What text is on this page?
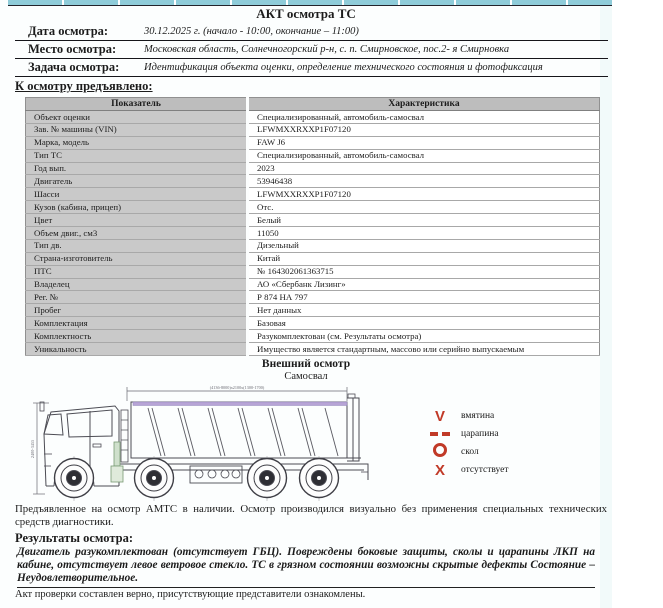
АКТ осмотра ТС
Дата осмотра:	30.12.2025 г. (начало - 10:00, окончание – 11:00)
Место осмотра:	Московская область, Солнечногорский р-н, с. п. Смирновское, пос.2- я Смирновка
Задача осмотра:	Идентификация объекта оценки, определение технического состояния и фотофиксация
К осмотру предъявлено:
Показатель	Характеристика
Объект оценки	Специализированный, автомобиль-самосвал
Зав. № машины (VIN)	LFWMXXRXXP1F07120
Марка, модель	FAW J6
Тип ТС	Специализированный, автомобиль-самосвал
Год вып.	2023
Двигатель	53946438
Шасси	LFWMXXRXXP1F07120
Кузов (кабина, прицеп)	Отс.
Цвет	Белый
Объем двиг., см3	11050
Тип дв.	Дизельный
Страна-изготовитель	Китай
ПТС	№ 164302061363715
Владелец	АО «Сбербанк Лизинг»
Рег. №	Р 874 НА 797
Пробег	Нет данных
Комплектация	Базовая
Комплектность	Разукомплектован (см. Результаты осмотра)
Уникальность	Имущество является стандартным, массово или серийно выпускаемым
Внешний осмотр
Самосвал
(4136-8000)x2100x(1300-1700)
2400-3455
V	вмятина
царапина
скол
X	отсутствует
Предъявленное на осмотр АМТС в наличии. Осмотр производился визуально без применения специальных технических средств диагностики.
Результаты осмотра:
Двигатель разукомплектован (отсутствует ГБЦ). Повреждены боковые защиты, сколы и царапины ЛКП на кабине, отсутствует левое ветровое стекло. ТС в грязном состоянии возможны скрытые дефекты Состояние – Неудовлетворительное.
Акт проверки составлен верно, присутствующие представители ознакомлены.
